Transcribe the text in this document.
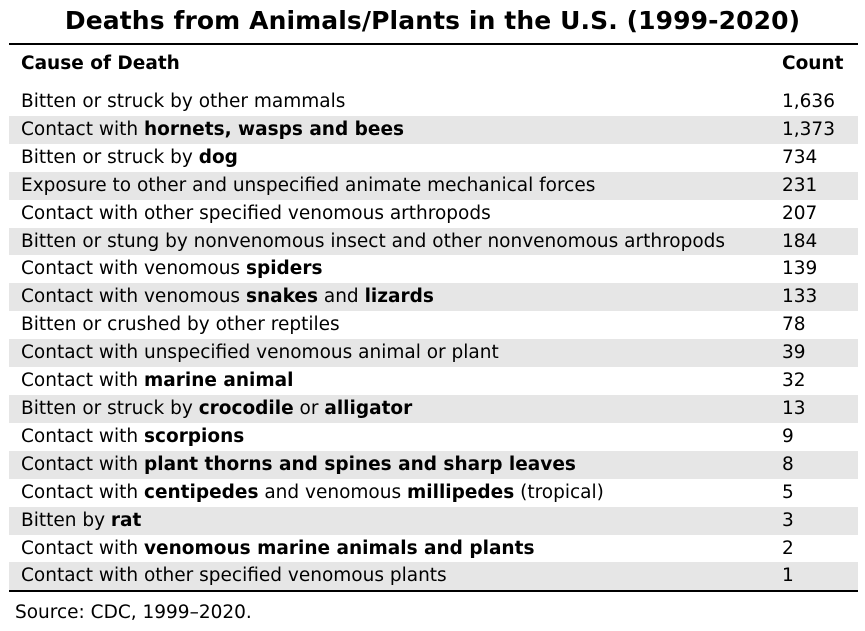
Deaths from Animals/Plants in the U.S. (1999-2020)
Cause of Death	Count
Bitten or struck by other mammals	1,636
Contact with hornets, wasps and bees	1,373
Bitten or struck by dog	734
Exposure to other and unspecified animate mechanical forces	231
Contact with other specified venomous arthropods	207
Bitten or stung by nonvenomous insect and other nonvenomous arthropods	184
Contact with venomous spiders	139
Contact with venomous snakes and lizards	133
Bitten or crushed by other reptiles	78
Contact with unspecified venomous animal or plant	39
Contact with marine animal	32
Bitten or struck by crocodile or alligator	13
Contact with scorpions	9
Contact with plant thorns and spines and sharp leaves	8
Contact with centipedes and venomous millipedes (tropical)	5
Bitten by rat	3
Contact with venomous marine animals and plants	2
Contact with other specified venomous plants	1
Source: CDC, 1999–2020.
